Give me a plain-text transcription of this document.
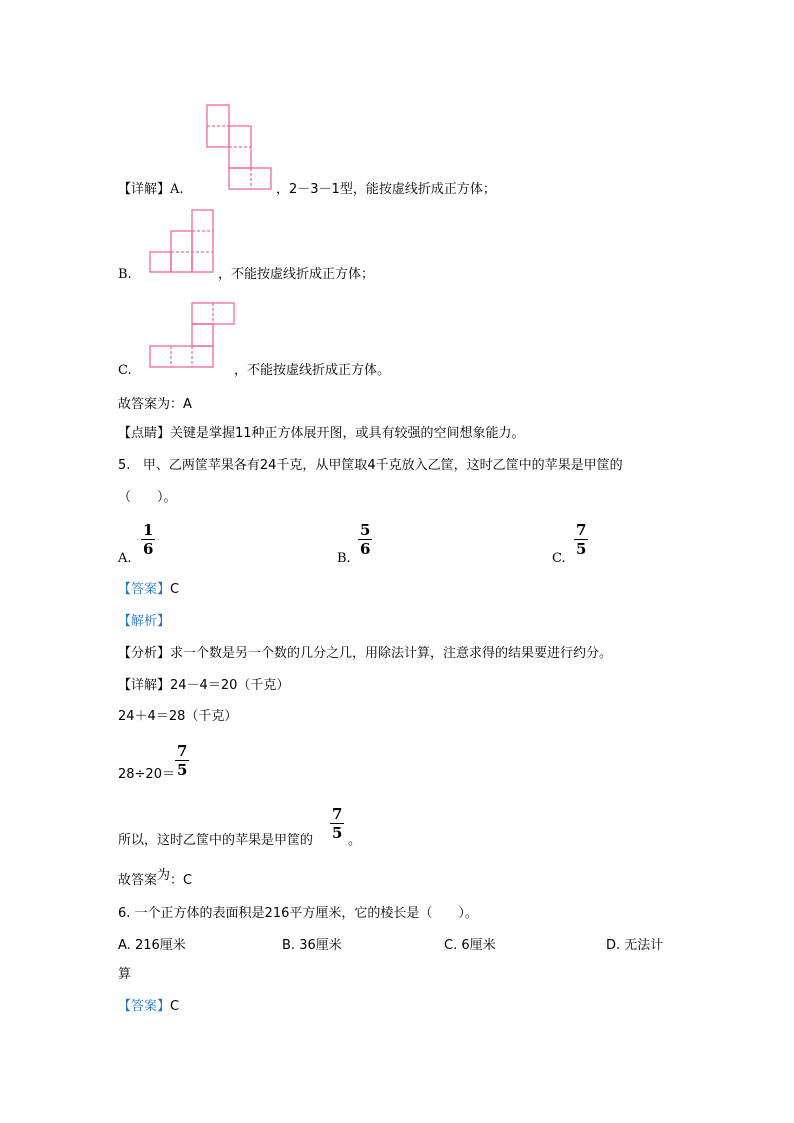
【详解】A.	，2－3－1型，能按虚线折成正方体；
B.	，不能按虚线折成正方体；
C.	，不能按虚线折成正方体。
故答案为：A
【点睛】关键是掌握11种正方体展开图，或具有较强的空间想象能力。
5. 甲、乙两筐苹果各有24千克，从甲筐取4千克放入乙筐，这时乙筐中的苹果是甲筐的
（　　）。
A.
$\frac{1}{6}$
B.
$\frac{5}{6}$
C.
$\frac{7}{5}$
【答案】C
【解析】
【分析】求一个数是另一个数的几分之几，用除法计算，注意求得的结果要进行约分。
【详解】24－4＝20（千克）
24＋4＝28（千克）
$28\div 20= \frac{7}{5}$
所以，这时乙筐中的苹果是甲筐的 $\frac{7}{5}$ 。
故答案为：C
6. 一个正方体的表面积是216平方厘米，它的棱长是（　　）。
A. 216厘米	B. 36厘米	C. 6厘米	D. 无法计
算
【答案】C
